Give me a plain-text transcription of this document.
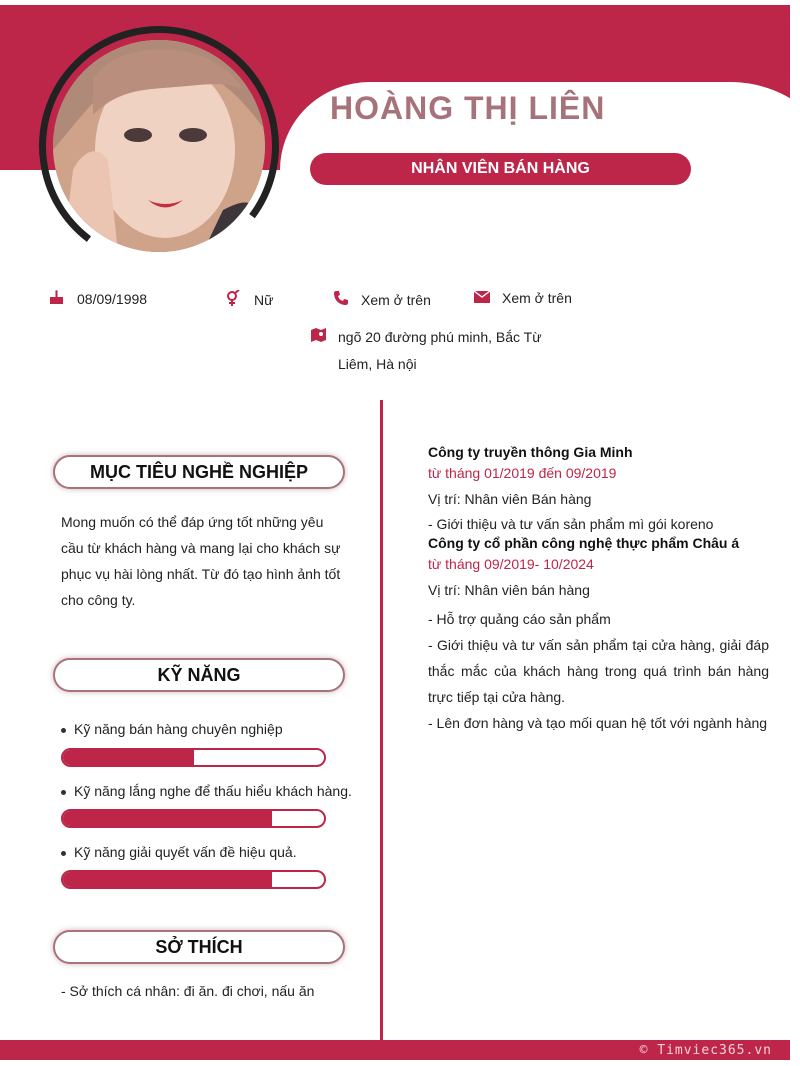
HOÀNG THỊ LIÊN
NHÂN VIÊN BÁN HÀNG
08/09/1998	Nữ	Xem ở trên	Xem ở trên
ngõ 20 đường phú minh, Bắc Từ
Liêm, Hà nội
MỤC TIÊU NGHỀ NGHIỆP
Mong muốn có thể đáp ứng tốt những yêu cầu từ khách hàng và mang lại cho khách sự phục vụ hài lòng nhất. Từ đó tạo hình ảnh tốt cho công ty.
KỸ NĂNG
Kỹ năng bán hàng chuyên nghiệp
Kỹ năng lắng nghe để thấu hiểu khách hàng.
Kỹ năng giải quyết vấn đề hiệu quả.
SỞ THÍCH
- Sở thích cá nhân: đi ăn. đi chơi, nấu ăn
Công ty truyền thông Gia Minh
từ tháng 01/2019 đến 09/2019
Vị trí: Nhân viên Bán hàng
- Giới thiệu và tư vấn sản phẩm mì gói koreno
Công ty cổ phần công nghệ thực phẩm Châu á
từ tháng 09/2019- 10/2024
Vị trí: Nhân viên bán hàng
- Hỗ trợ quảng cáo sản phẩm
- Giới thiệu và tư vấn sản phẩm tại cửa hàng, giải đáp thắc mắc của khách hàng trong quá trình bán hàng trực tiếp tại cửa hàng.
- Lên đơn hàng và tạo mối quan hệ tốt với ngành hàng
© Timviec365.vn
